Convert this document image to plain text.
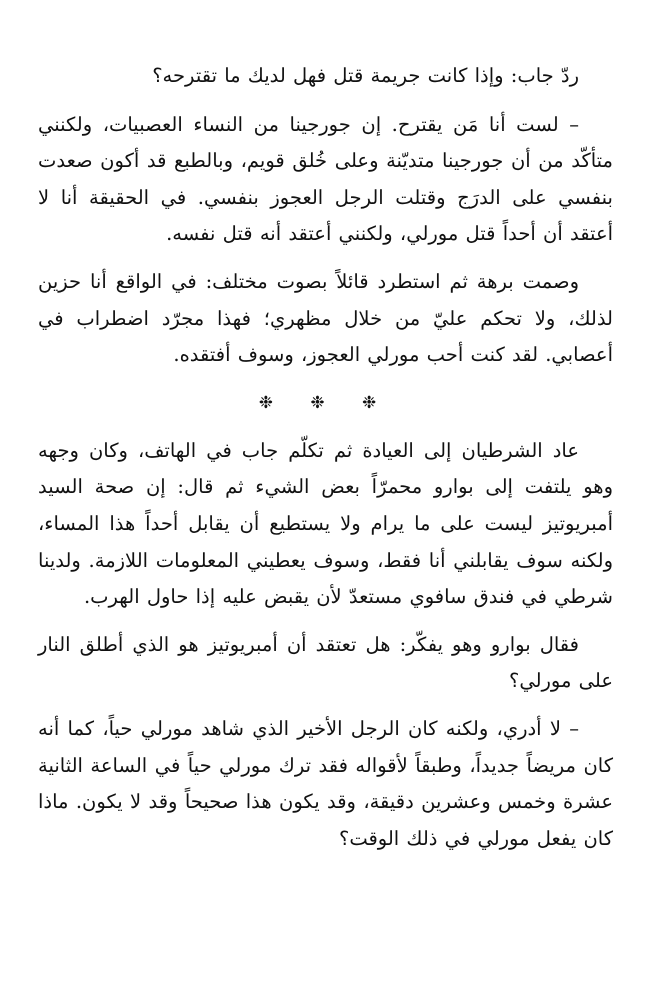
ردّ جاب: وإذا كانت جريمة قتل فهل لديك ما تقترحه؟

– لست أنا مَن يقترح. إن جورجينا من النساء العصبيات، ولكنني متأكّد من أن جورجينا متديّنة وعلى خُلق قويم، وبالطبع قد أكون صعدت بنفسي على الدرَج وقتلت الرجل العجوز بنفسي. في الحقيقة أنا لا أعتقد أن أحداً قتل مورلي، ولكنني أعتقد أنه قتل نفسه.

وصمت برهة ثم استطرد قائلاً بصوت مختلف: في الواقع أنا حزين لذلك، ولا تحكم عليّ من خلال مظهري؛ فهذا مجرّد اضطراب في أعصابي. لقد كنت أحب مورلي العجوز، وسوف أفتقده.

❉ ❉ ❉

عاد الشرطيان إلى العيادة ثم تكلّم جاب في الهاتف، وكان وجهه وهو يلتفت إلى بوارو محمرّاً بعض الشيء ثم قال: إن صحة السيد أمبريوتيز ليست على ما يرام ولا يستطيع أن يقابل أحداً هذا المساء، ولكنه سوف يقابلني أنا فقط، وسوف يعطيني المعلومات اللازمة. ولدينا شرطي في فندق سافوي مستعدّ لأن يقبض عليه إذا حاول الهرب.

فقال بوارو وهو يفكّر: هل تعتقد أن أمبريوتيز هو الذي أطلق النار على مورلي؟

– لا أدري، ولكنه كان الرجل الأخير الذي شاهد مورلي حياً، كما أنه كان مريضاً جديداً، وطبقاً لأقواله فقد ترك مورلي حياً في الساعة الثانية عشرة وخمس وعشرين دقيقة، وقد يكون هذا صحيحاً وقد لا يكون. ماذا كان يفعل مورلي في ذلك الوقت؟
